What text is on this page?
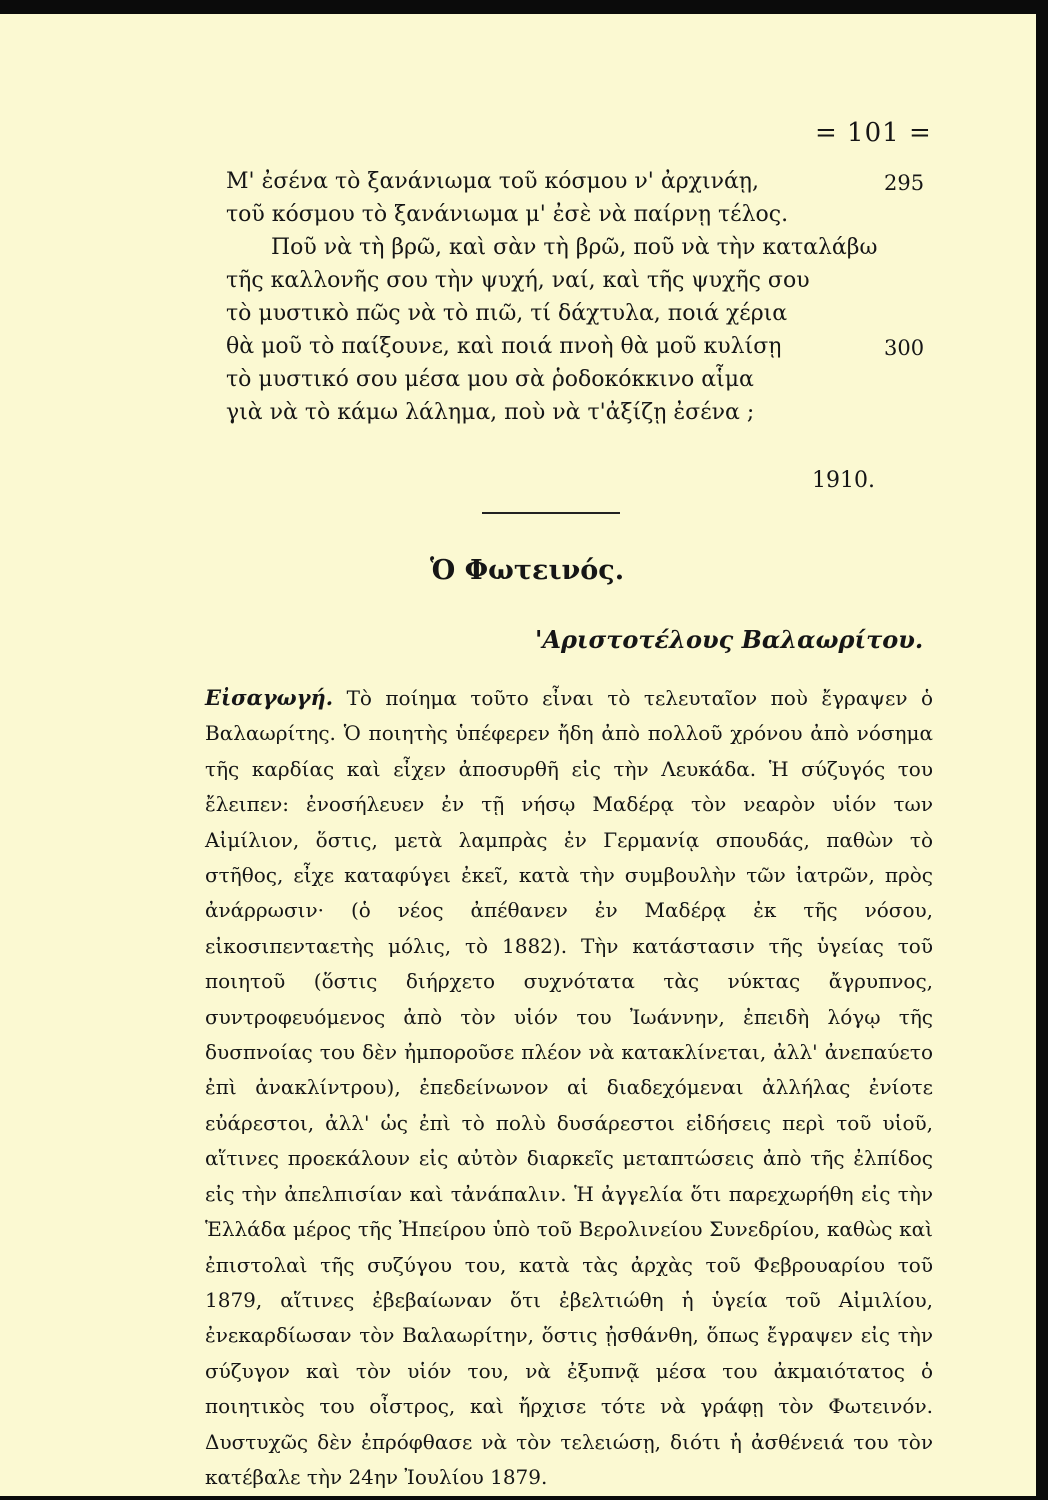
= 101 =
Μ' ἐσένα τὸ ξανάνιωμα τοῦ κόσμου ν' ἀρχινάῃ,	295
τοῦ κόσμου τὸ ξανάνιωμα μ' ἐσὲ νὰ παίρνῃ τέλος.
Ποῦ νὰ τὴ βρῶ, καὶ σὰν τὴ βρῶ, ποῦ νὰ τὴν καταλάβω
τῆς καλλονῆς σου τὴν ψυχή, ναί, καὶ τῆς ψυχῆς σου
τὸ μυστικὸ πῶς νὰ τὸ πιῶ, τί δάχτυλα, ποιά χέρια
θὰ μοῦ τὸ παίξουνε, καὶ ποιά πνοὴ θὰ μοῦ κυλίσῃ	300
τὸ μυστικό σου μέσα μου σὰ ῥοδοκόκκινο αἷμα
γιὰ νὰ τὸ κάμω λάλημα, ποὺ νὰ τ'ἀξίζῃ ἐσένα ;
1910.
Ὁ Φωτεινός.
'Αριστοτέλους Βαλαωρίτου.
Εἰσαγωγή. Τὸ ποίημα τοῦτο εἶναι τὸ τελευταῖον ποὺ ἔγραψεν ὁ Βαλαωρίτης. Ὁ ποιητὴς ὑπέφερεν ἤδη ἀπὸ πολλοῦ χρόνου ἀπὸ νόσημα τῆς καρδίας καὶ εἶχεν ἀποσυρθῆ εἰς τὴν Λευκάδα. Ἡ σύζυγός του ἔλειπεν: ἐνοσήλευεν ἐν τῇ νήσῳ Μαδέρᾳ τὸν νεαρὸν υἱόν των Αἰμίλιον, ὅστις, μετὰ λαμπρὰς ἐν Γερμανίᾳ σπουδάς, παθὼν τὸ στῆθος, εἶχε καταφύγει ἐκεῖ, κατὰ τὴν συμβουλὴν τῶν ἰατρῶν, πρὸς ἀνάρρωσιν· (ὁ νέος ἀπέθανεν ἐν Μαδέρᾳ ἐκ τῆς νόσου, εἰκοσιπενταετὴς μόλις, τὸ 1882). Τὴν κατάστασιν τῆς ὑγείας τοῦ ποιητοῦ (ὅστις διήρχετο συχνότατα τὰς νύκτας ἄγρυπνος, συντροφευόμενος ἀπὸ τὸν υἱόν του Ἰωάννην, ἐπειδὴ λόγῳ τῆς δυσπνοίας του δὲν ἠμποροῦσε πλέον νὰ κατακλίνεται, ἀλλ' ἀνεπαύετο ἐπὶ ἀνακλίντρου), ἐπεδείνωνον αἱ διαδεχόμεναι ἀλλήλας ἐνίοτε εὐάρεστοι, ἀλλ' ὡς ἐπὶ τὸ πολὺ δυσάρεστοι εἰδήσεις περὶ τοῦ υἱοῦ, αἵτινες προεκάλουν εἰς αὐτὸν διαρκεῖς μεταπτώσεις ἀπὸ τῆς ἐλπίδος εἰς τὴν ἀπελπισίαν καὶ τἀνάπαλιν. Ἡ ἀγγελία ὅτι παρεχωρήθη εἰς τὴν Ἑλλάδα μέρος τῆς Ἠπείρου ὑπὸ τοῦ Βερολινείου Συνεδρίου, καθὼς καὶ ἐπιστολαὶ τῆς συζύγου του, κατὰ τὰς ἀρχὰς τοῦ Φεβρουαρίου τοῦ 1879, αἵτινες ἐβεβαίωναν ὅτι ἐβελτιώθη ἡ ὑγεία τοῦ Αἰμιλίου, ἐνεκαρδίωσαν τὸν Βαλαωρίτην, ὅστις ᾐσθάνθη, ὅπως ἔγραψεν εἰς τὴν σύζυγον καὶ τὸν υἱόν του, νὰ ἐξυπνᾷ μέσα του ἀκμαιότατος ὁ ποιητικὸς του οἶστρος, καὶ ἤρχισε τότε νὰ γράφῃ τὸν Φωτεινόν. Δυστυχῶς δὲν ἐπρόφθασε νὰ τὸν τελειώσῃ, διότι ἡ ἀσθένειά του τὸν κατέβαλε τὴν 24ην Ἰουλίου 1879.
